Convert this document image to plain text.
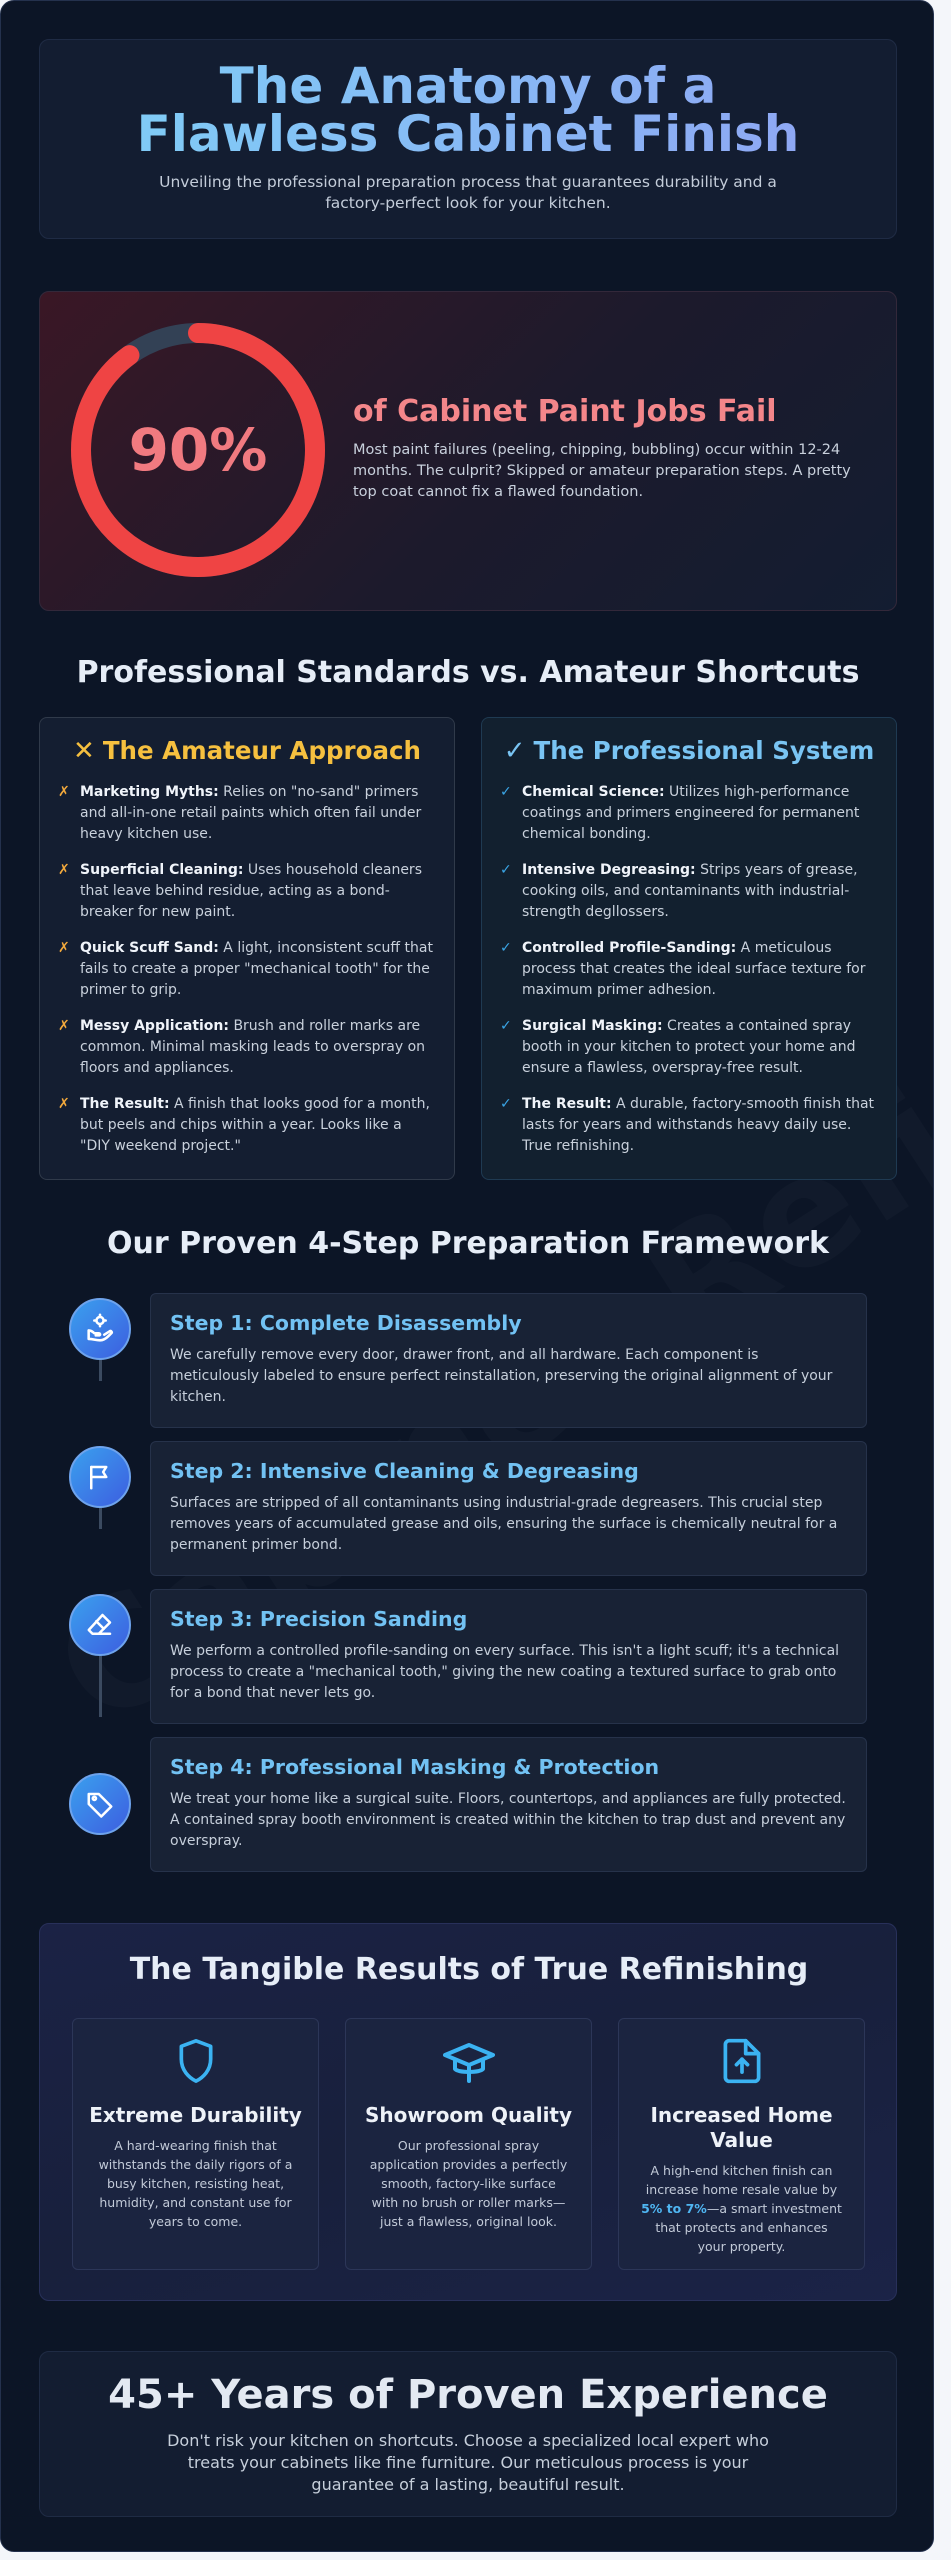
The Anatomy of a Flawless Cabinet Finish

Unveiling the professional preparation process that guarantees durability and a factory-perfect look for your kitchen.

90%
of Cabinet Paint Jobs Fail
Most paint failures (peeling, chipping, bubbling) occur within 12-24 months. The culprit? Skipped or amateur preparation steps. A pretty top coat cannot fix a flawed foundation.
Professional Standards vs. Amateur Shortcuts
✕ The Amateur Approach
✗ Marketing Myths: Relies on "no-sand" primers and all-in-one retail paints which often fail under heavy kitchen use.
✗ Superficial Cleaning: Uses household cleaners that leave behind residue, acting as a bond-breaker for new paint.
✗ Quick Scuff Sand: A light, inconsistent scuff that fails to create a proper "mechanical tooth" for the primer to grip.
✗ Messy Application: Brush and roller marks are common. Minimal masking leads to overspray on floors and appliances.
✗ The Result: A finish that looks good for a month, but peels and chips within a year. Looks like a "DIY weekend project."
✓ The Professional System
✓ Chemical Science: Utilizes high-performance coatings and primers engineered for permanent chemical bonding.
✓ Intensive Degreasing: Strips years of grease, cooking oils, and contaminants with industrial-strength degllossers.
✓ Controlled Profile-Sanding: A meticulous process that creates the ideal surface texture for maximum primer adhesion.
✓ Surgical Masking: Creates a contained spray booth in your kitchen to protect your home and ensure a flawless, overspray-free result.
✓ The Result: A durable, factory-smooth finish that lasts for years and withstands heavy daily use. True refinishing.
Our Proven 4-Step Preparation Framework
Step 1: Complete Disassembly
We carefully remove every door, drawer front, and all hardware. Each component is meticulously labeled to ensure perfect reinstallation, preserving the original alignment of your kitchen.
Step 2: Intensive Cleaning & Degreasing
Surfaces are stripped of all contaminants using industrial-grade degreasers. This crucial step removes years of accumulated grease and oils, ensuring the surface is chemically neutral for a permanent primer bond.
Step 3: Precision Sanding
We perform a controlled profile-sanding on every surface. This isn't a light scuff; it's a technical process to create a "mechanical tooth," giving the new coating a textured surface to grab onto for a bond that never lets go.
Step 4: Professional Masking & Protection
We treat your home like a surgical suite. Floors, countertops, and appliances are fully protected. A contained spray booth environment is created within the kitchen to trap dust and prevent any overspray.
The Tangible Results of True Refinishing
Extreme Durability
A hard-wearing finish that withstands the daily rigors of a busy kitchen, resisting heat, humidity, and constant use for years to come.
Showroom Quality
Our professional spray application provides a perfectly smooth, factory-like surface with no brush or roller marks—just a flawless, original look.
Increased Home Value
A high-end kitchen finish can increase home resale value by 5% to 7%—a smart investment that protects and enhances your property.
45+ Years of Proven Experience

Don't risk your kitchen on shortcuts. Choose a specialized local expert who treats your cabinets like fine furniture. Our meticulous process is your guarantee of a lasting, beautiful result.
